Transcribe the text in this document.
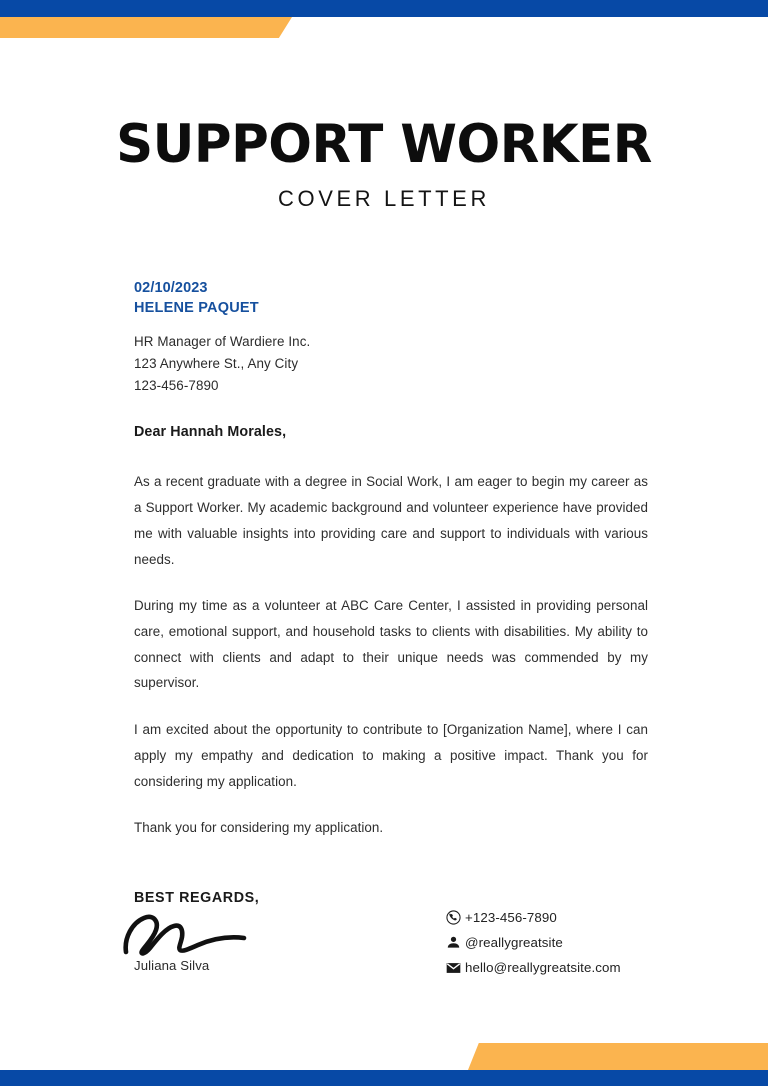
SUPPORT WORKER
COVER LETTER
02/10/2023
HELENE PAQUET
HR Manager of Wardiere Inc.
123 Anywhere St., Any City
123-456-7890
Dear Hannah Morales,

As a recent graduate with a degree in Social Work, I am eager to begin my career as a Support Worker. My academic background and volunteer experience have provided me with valuable insights into providing care and support to individuals with various needs.

During my time as a volunteer at ABC Care Center, I assisted in providing personal care, emotional support, and household tasks to clients with disabilities. My ability to connect with clients and adapt to their unique needs was commended by my supervisor.

I am excited about the opportunity to contribute to [Organization Name], where I can apply my empathy and dedication to making a positive impact. Thank you for considering my application.

Thank you for considering my application.

BEST REGARDS,
Juliana Silva
+123-456-7890
@reallygreatsite
hello@reallygreatsite.com
